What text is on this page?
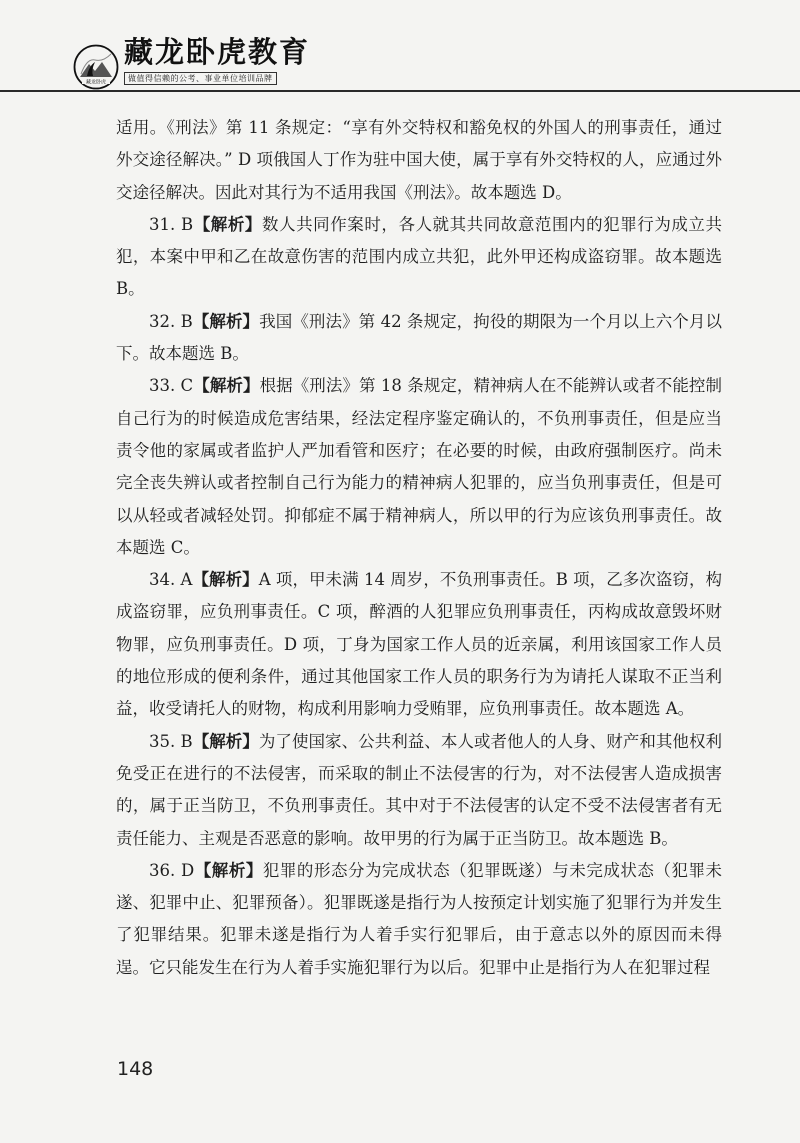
藏龙卧虎
藏龙卧虎教育
做值得信赖的公考、事业单位培训品牌

适用。《刑法》第 11 条规定：“享有外交特权和豁免权的外国人的刑事责任，通过外交途径解决。” D 项俄国人丁作为驻中国大使，属于享有外交特权的人，应通过外交途径解决。因此对其行为不适用我国《刑法》。故本题选 D。

31. B【解析】数人共同作案时，各人就其共同故意范围内的犯罪行为成立共犯，本案中甲和乙在故意伤害的范围内成立共犯，此外甲还构成盗窃罪。故本题选 B。

32. B【解析】我国《刑法》第 42 条规定，拘役的期限为一个月以上六个月以下。故本题选 B。

33. C【解析】根据《刑法》第 18 条规定，精神病人在不能辨认或者不能控制自己行为的时候造成危害结果，经法定程序鉴定确认的，不负刑事责任，但是应当责令他的家属或者监护人严加看管和医疗；在必要的时候，由政府强制医疗。尚未完全丧失辨认或者控制自己行为能力的精神病人犯罪的，应当负刑事责任，但是可以从轻或者减轻处罚。抑郁症不属于精神病人，所以甲的行为应该负刑事责任。故本题选 C。

34. A【解析】A 项，甲未满 14 周岁，不负刑事责任。B 项，乙多次盗窃，构成盗窃罪，应负刑事责任。C 项，醉酒的人犯罪应负刑事责任，丙构成故意毁坏财物罪，应负刑事责任。D 项，丁身为国家工作人员的近亲属，利用该国家工作人员的地位形成的便利条件，通过其他国家工作人员的职务行为为请托人谋取不正当利益，收受请托人的财物，构成利用影响力受贿罪，应负刑事责任。故本题选 A。

35. B【解析】为了使国家、公共利益、本人或者他人的人身、财产和其他权利免受正在进行的不法侵害，而采取的制止不法侵害的行为，对不法侵害人造成损害的，属于正当防卫，不负刑事责任。其中对于不法侵害的认定不受不法侵害者有无责任能力、主观是否恶意的影响。故甲男的行为属于正当防卫。故本题选 B。

36. D【解析】犯罪的形态分为完成状态（犯罪既遂）与未完成状态（犯罪未遂、犯罪中止、犯罪预备）。犯罪既遂是指行为人按预定计划实施了犯罪行为并发生了犯罪结果。犯罪未遂是指行为人着手实行犯罪后，由于意志以外的原因而未得逞。它只能发生在行为人着手实施犯罪行为以后。犯罪中止是指行为人在犯罪过程

148
